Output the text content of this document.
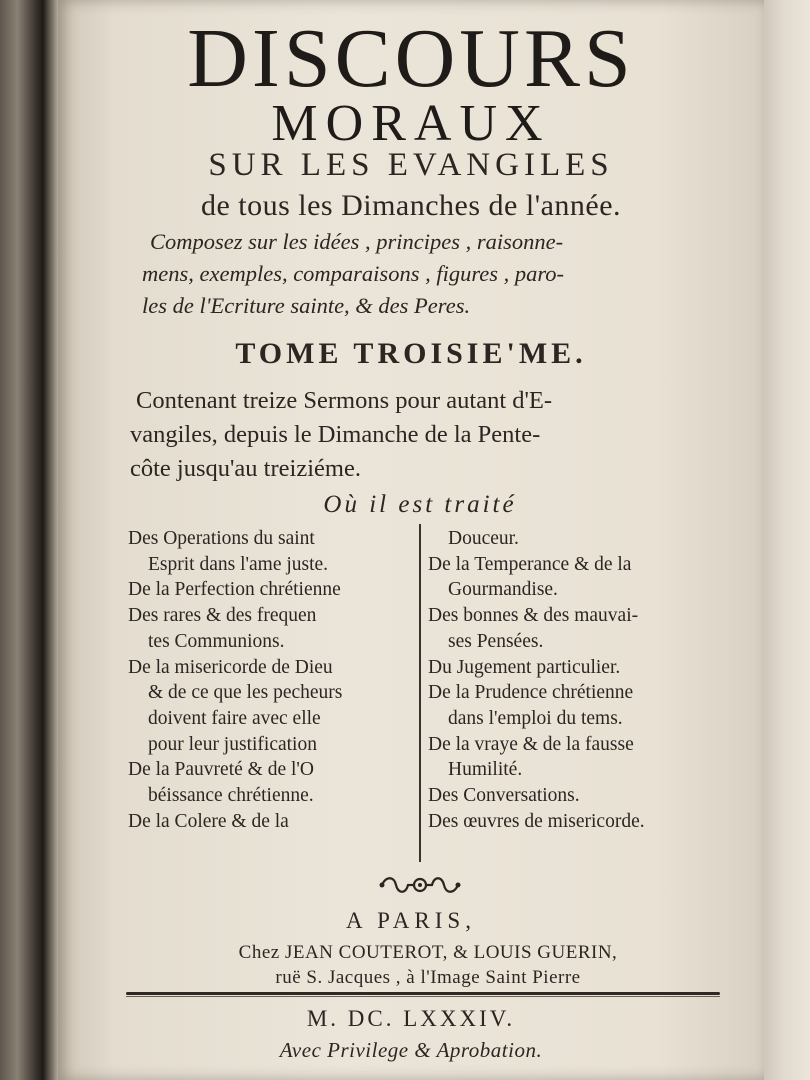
DISCOURS
MORAUX
SUR LES EVANGILES
de tous les Dimanches de l'année.
Composez sur les idées , principes , raisonne-
mens, exemples, comparaisons , figures , paro-
les de l'Ecriture sainte, & des Peres.
TOME TROISIE'ME.
Contenant treize Sermons pour autant d'E-
vangiles, depuis le Dimanche de la Pente-
côte jusqu'au treiziéme.
Où il est traité
Des Operations du saint
Esprit dans l'ame juste.
De la Perfection chrétienne
Des rares & des frequen
tes Communions.
De la misericorde de Dieu
& de ce que les pecheurs
doivent faire avec elle
pour leur justification
De la Pauvreté & de l'O
béissance chrétienne.
De la Colere & de la
Douceur.
De la Temperance & de la
Gourmandise.
Des bonnes & des mauvai-
ses Pensées.
Du Jugement particulier.
De la Prudence chrétienne
dans l'emploi du tems.
De la vraye & de la fausse
Humilité.
Des Conversations.
Des œuvres de misericorde.
A PARIS,
Chez JEAN COUTEROT, & LOUIS GUERIN,
ruë S. Jacques , à l'Image Saint Pierre
M. DC. LXXXIV.
Avec Privilege & Aprobation.
